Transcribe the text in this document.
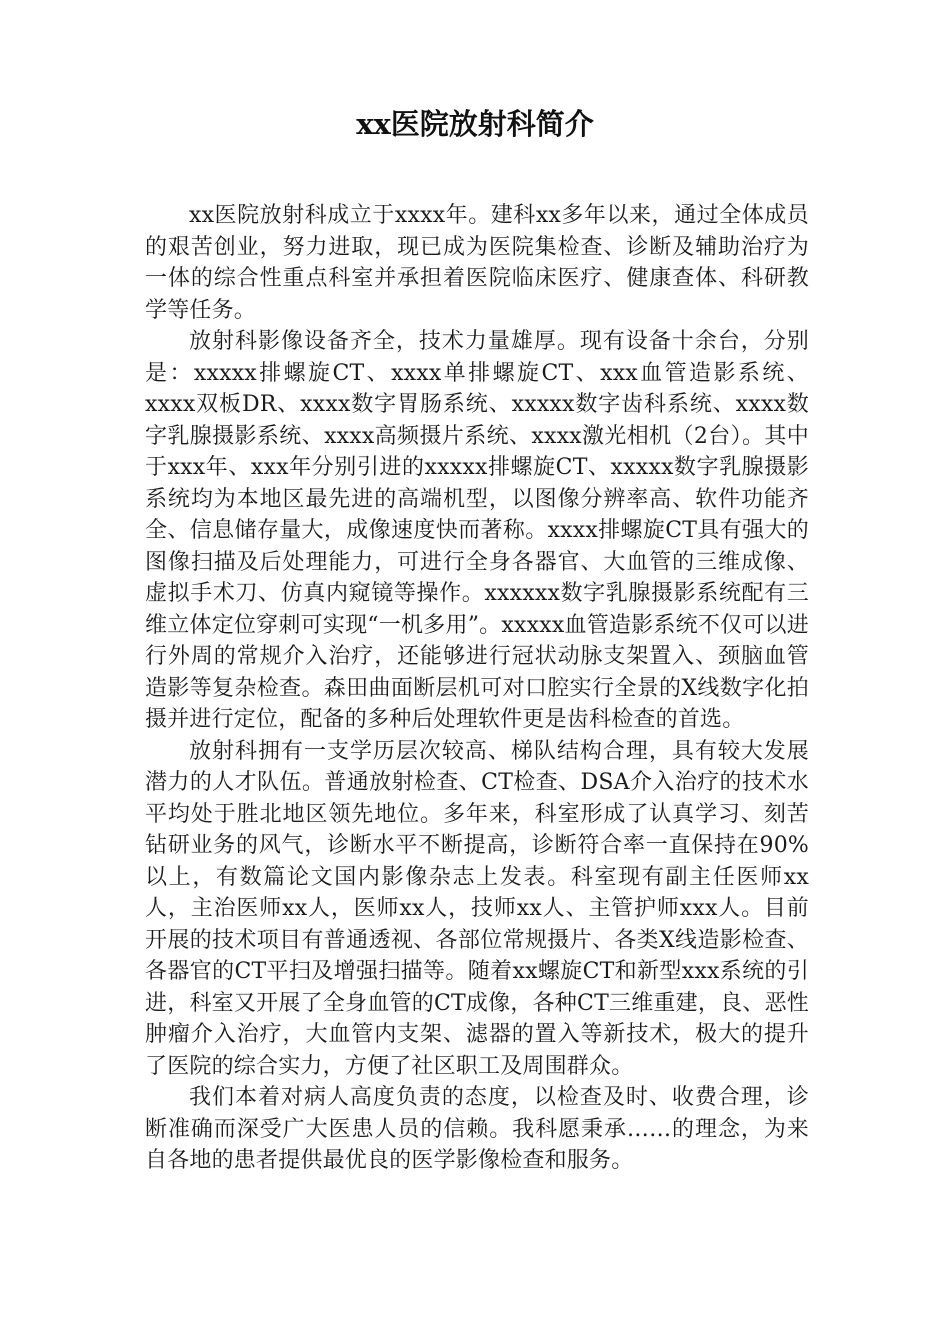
xx医院放射科简介

xx医院放射科成立于xxxx年。建科xx多年以来，通过全体成员的艰苦创业，努力进取，现已成为医院集检查、诊断及辅助治疗为一体的综合性重点科室并承担着医院临床医疗、健康查体、科研教学等任务。

放射科影像设备齐全，技术力量雄厚。现有设备十余台，分别是：xxxxx排螺旋CT、xxxx单排螺旋CT、xxx血管造影系统、xxxx双板DR、xxxx数字胃肠系统、xxxxx数字齿科系统、xxxx数字乳腺摄影系统、xxxx高频摄片系统、xxxx激光相机（2台）。其中于xxx年、xxx年分别引进的xxxxx排螺旋CT、xxxxx数字乳腺摄影系统均为本地区最先进的高端机型，以图像分辨率高、软件功能齐全、信息储存量大，成像速度快而著称。xxxx排螺旋CT具有强大的图像扫描及后处理能力，可进行全身各器官、大血管的三维成像、虚拟手术刀、仿真内窥镜等操作。xxxxxx数字乳腺摄影系统配有三维立体定位穿刺可实现“一机多用”。xxxxx血管造影系统不仅可以进行外周的常规介入治疗，还能够进行冠状动脉支架置入、颈脑血管造影等复杂检查。森田曲面断层机可对口腔实行全景的X线数字化拍摄并进行定位，配备的多种后处理软件更是齿科检查的首选。

放射科拥有一支学历层次较高、梯队结构合理，具有较大发展潜力的人才队伍。普通放射检查、CT检查、DSA介入治疗的技术水平均处于胜北地区领先地位。多年来，科室形成了认真学习、刻苦钻研业务的风气，诊断水平不断提高，诊断符合率一直保持在90%以上，有数篇论文国内影像杂志上发表。科室现有副主任医师xx人，主治医师xx人，医师xx人，技师xx人、主管护师xxx人。目前开展的技术项目有普通透视、各部位常规摄片、各类X线造影检查、各器官的CT平扫及增强扫描等。随着xx螺旋CT和新型xxx系统的引进，科室又开展了全身血管的CT成像，各种CT三维重建，良、恶性肿瘤介入治疗，大血管内支架、滤器的置入等新技术，极大的提升了医院的综合实力，方便了社区职工及周围群众。

我们本着对病人高度负责的态度，以检查及时、收费合理，诊断准确而深受广大医患人员的信赖。我科愿秉承……的理念，为来自各地的患者提供最优良的医学影像检查和服务。
